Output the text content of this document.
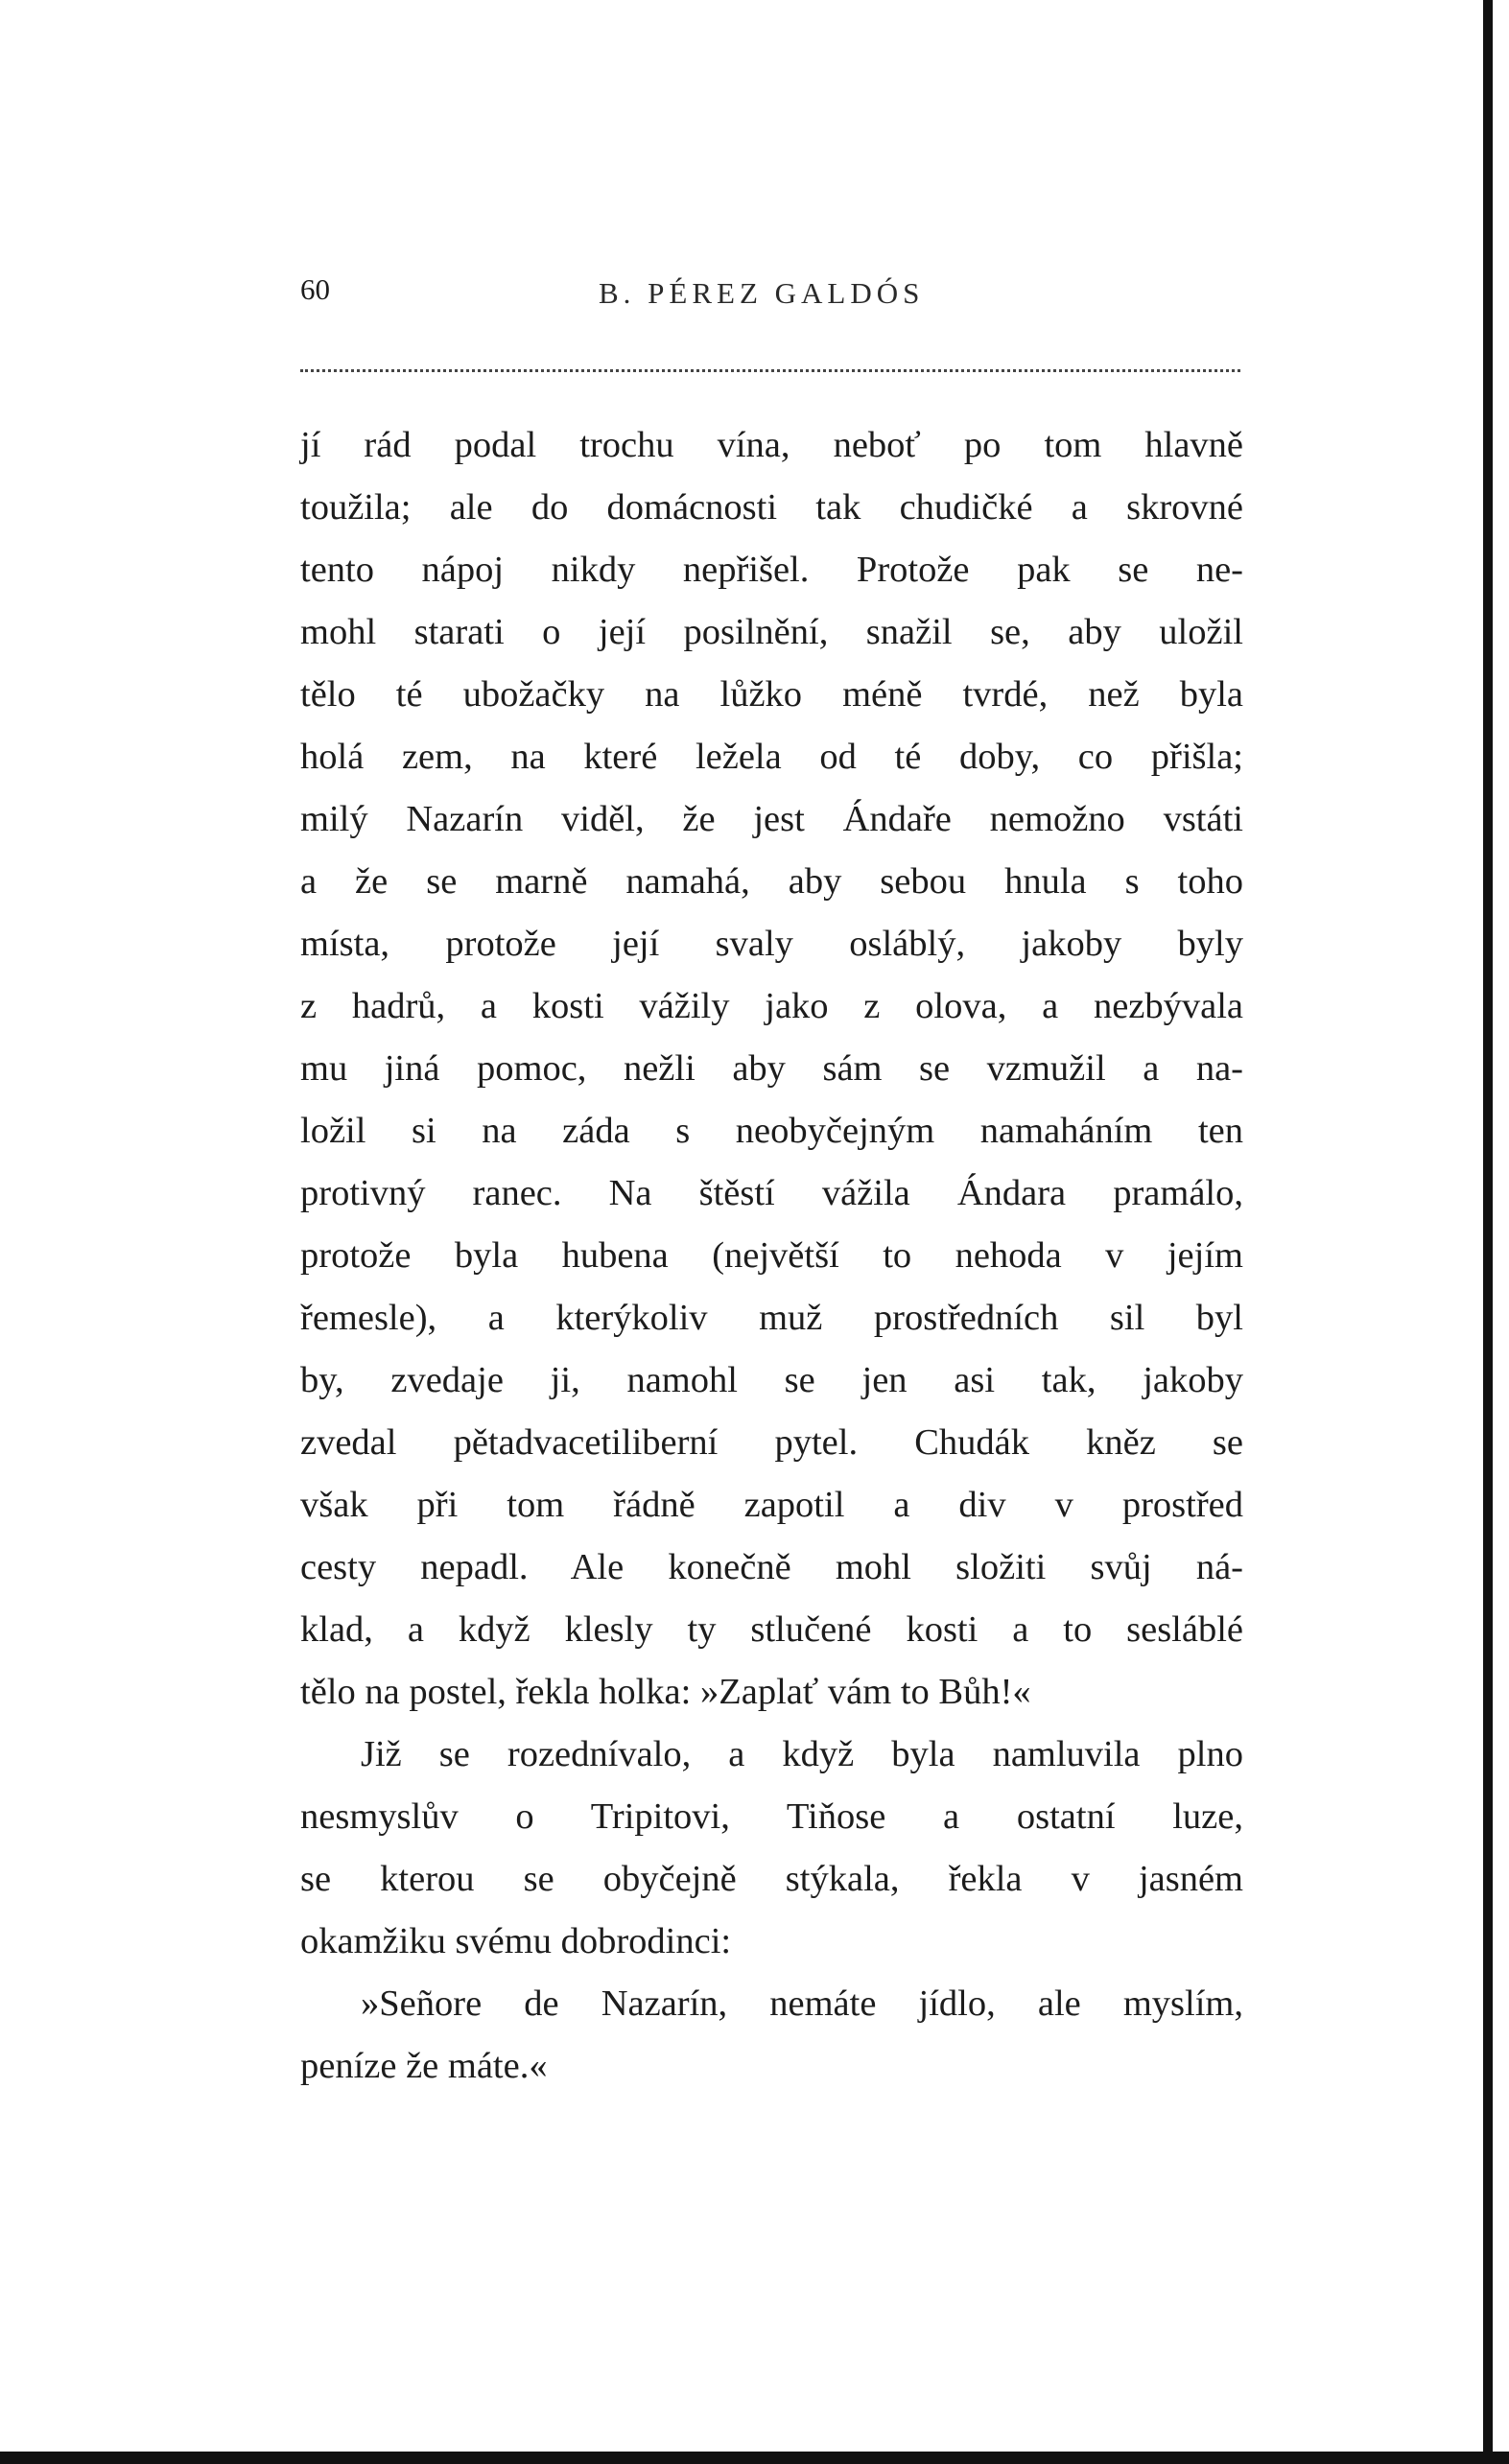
60	B. PÉREZ GALDÓS
jí rád podal trochu vína, neboť po tom hlavně
toužila; ale do domácnosti tak chudičké a skrovné
tento nápoj nikdy nepřišel. Protože pak se ne-
mohl starati o její posilnění, snažil se, aby uložil
tělo té ubožačky na lůžko méně tvrdé, než byla
holá zem, na které ležela od té doby, co přišla;
milý Nazarín viděl, že jest Ándaře nemožno vstáti
a že se marně namahá, aby sebou hnula s toho
místa, protože její svaly osláblý, jakoby byly
z hadrů, a kosti vážily jako z olova, a nezbývala
mu jiná pomoc, nežli aby sám se vzmužil a na-
ložil si na záda s neobyčejným namaháním ten
protivný ranec. Na štěstí vážila Ándara pramálo,
protože byla hubena (největší to nehoda v jejím
řemesle), a kterýkoliv muž prostředních sil byl
by, zvedaje ji, namohl se jen asi tak, jakoby
zvedal pětadvacetiliberní pytel. Chudák kněz se
však při tom řádně zapotil a div v prostřed
cesty nepadl. Ale konečně mohl složiti svůj ná-
klad, a když klesly ty stlučené kosti a to sesláblé
tělo na postel, řekla holka: »Zaplať vám to Bůh!«
Již se rozednívalo, a když byla namluvila plno
nesmyslův o Tripitovi, Tiňose a ostatní luze,
se kterou se obyčejně stýkala, řekla v jasném
okamžiku svému dobrodinci:
»Señore de Nazarín, nemáte jídlo, ale myslím,
peníze že máte.«
